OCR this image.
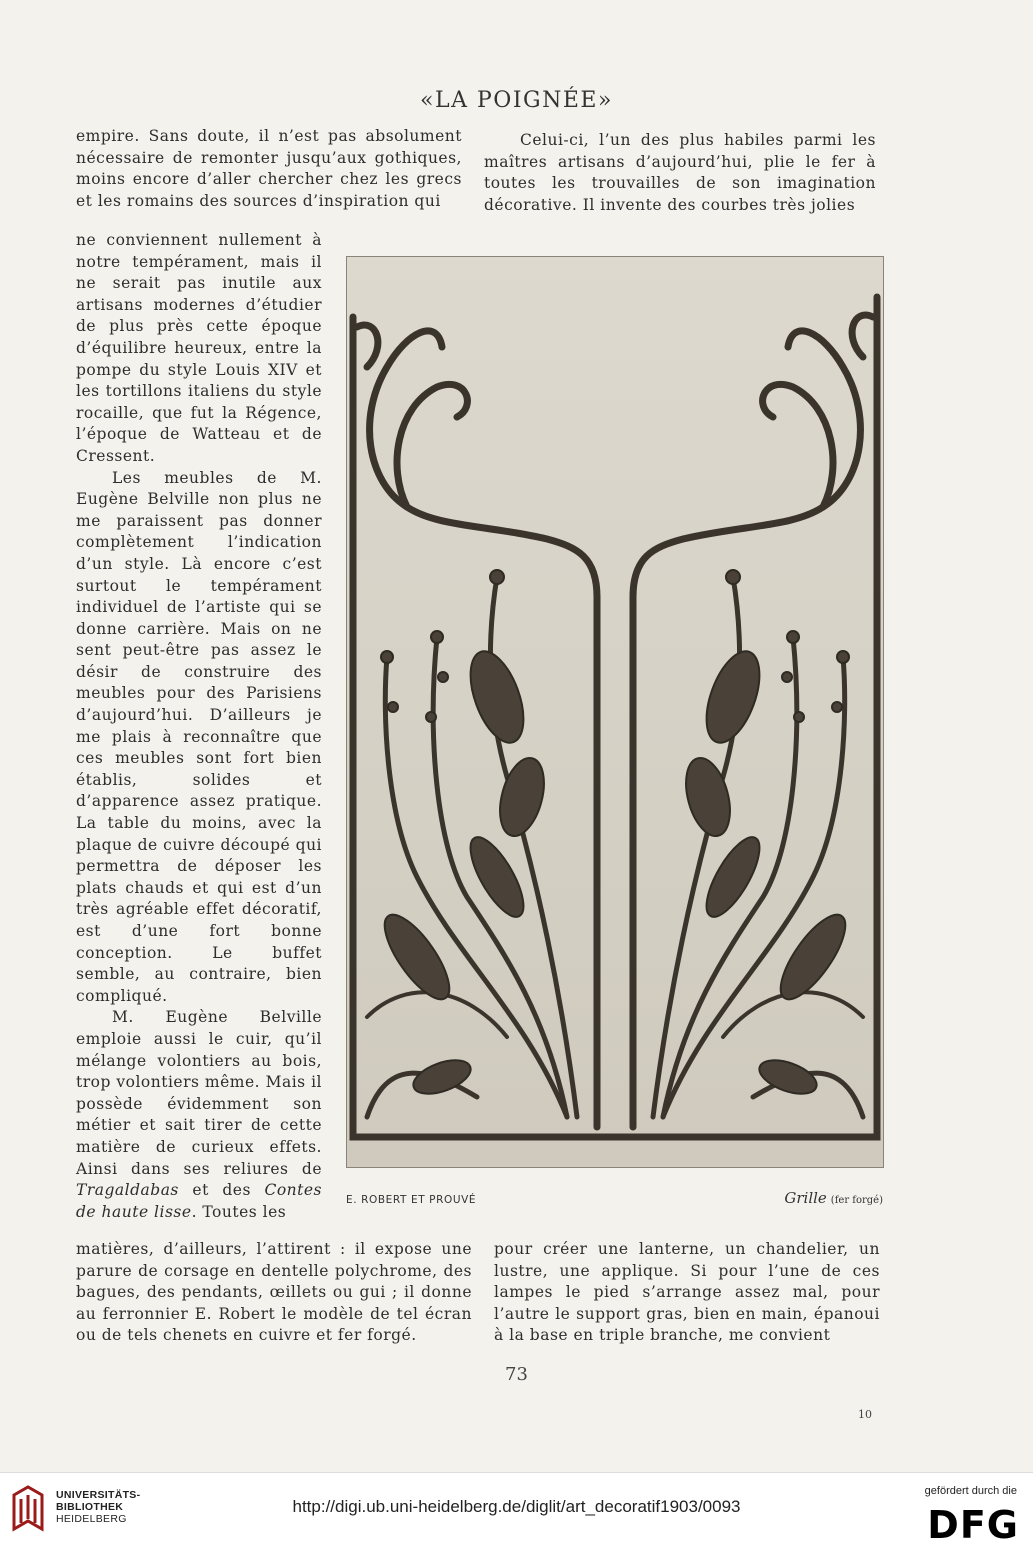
«LA POIGNÉE»

empire. Sans doute, il n’est pas absolument nécessaire de remonter jusqu’aux gothiques, moins encore d’aller chercher chez les grecs et les romains des sources d’inspiration qui

Celui-ci, l’un des plus habiles parmi les maîtres artisans d’aujourd’hui, plie le fer à toutes les trouvailles de son imagination décorative. Il invente des courbes très jolies

ne conviennent nullement à notre tempérament, mais il ne serait pas inutile aux artisans modernes d’étudier de plus près cette époque d’équilibre heureux, entre la pompe du style Louis XIV et les tortillons italiens du style rocaille, que fut la Régence, l’époque de Watteau et de Cressent.

Les meubles de M. Eugène Belville non plus ne me paraissent pas donner complètement l’indication d’un style. Là encore c’est surtout le tempérament individuel de l’artiste qui se donne carrière. Mais on ne sent peut-être pas assez le désir de construire des meubles pour des Parisiens d’aujourd’hui. D’ailleurs je me plais à reconnaître que ces meubles sont fort bien établis, solides et d’apparence assez pratique. La table du moins, avec la plaque de cuivre découpé qui permettra de déposer les plats chauds et qui est d’un très agréable effet décoratif, est d’une fort bonne conception. Le buffet semble, au contraire, bien compliqué.

M. Eugène Belville emploie aussi le cuir, qu’il mélange volontiers au bois, trop volontiers même. Mais il possède évidemment son métier et sait tirer de cette matière de curieux effets. Ainsi dans ses reliures de Tragaldabas et des Contes de haute lisse. Toutes les

E. ROBERT ET PROUVÉ	Grille (fer forgé)

matières, d’ailleurs, l’attirent : il expose une parure de corsage en dentelle polychrome, des bagues, des pendants, œillets ou gui ; il donne au ferronnier E. Robert le modèle de tel écran ou de tels chenets en cuivre et fer forgé.

pour créer une lanterne, un chandelier, un lustre, une applique. Si pour l’une de ces lampes le pied s’arrange assez mal, pour l’autre le support gras, bien en main, épanoui à la base en triple branche, me convient

73
10
UNIVERSITÄTS-
BIBLIOTHEK
HEIDELBERG
http://digi.ub.uni-heidelberg.de/diglit/art_decoratif1903/0093
gefördert durch die
DFG
